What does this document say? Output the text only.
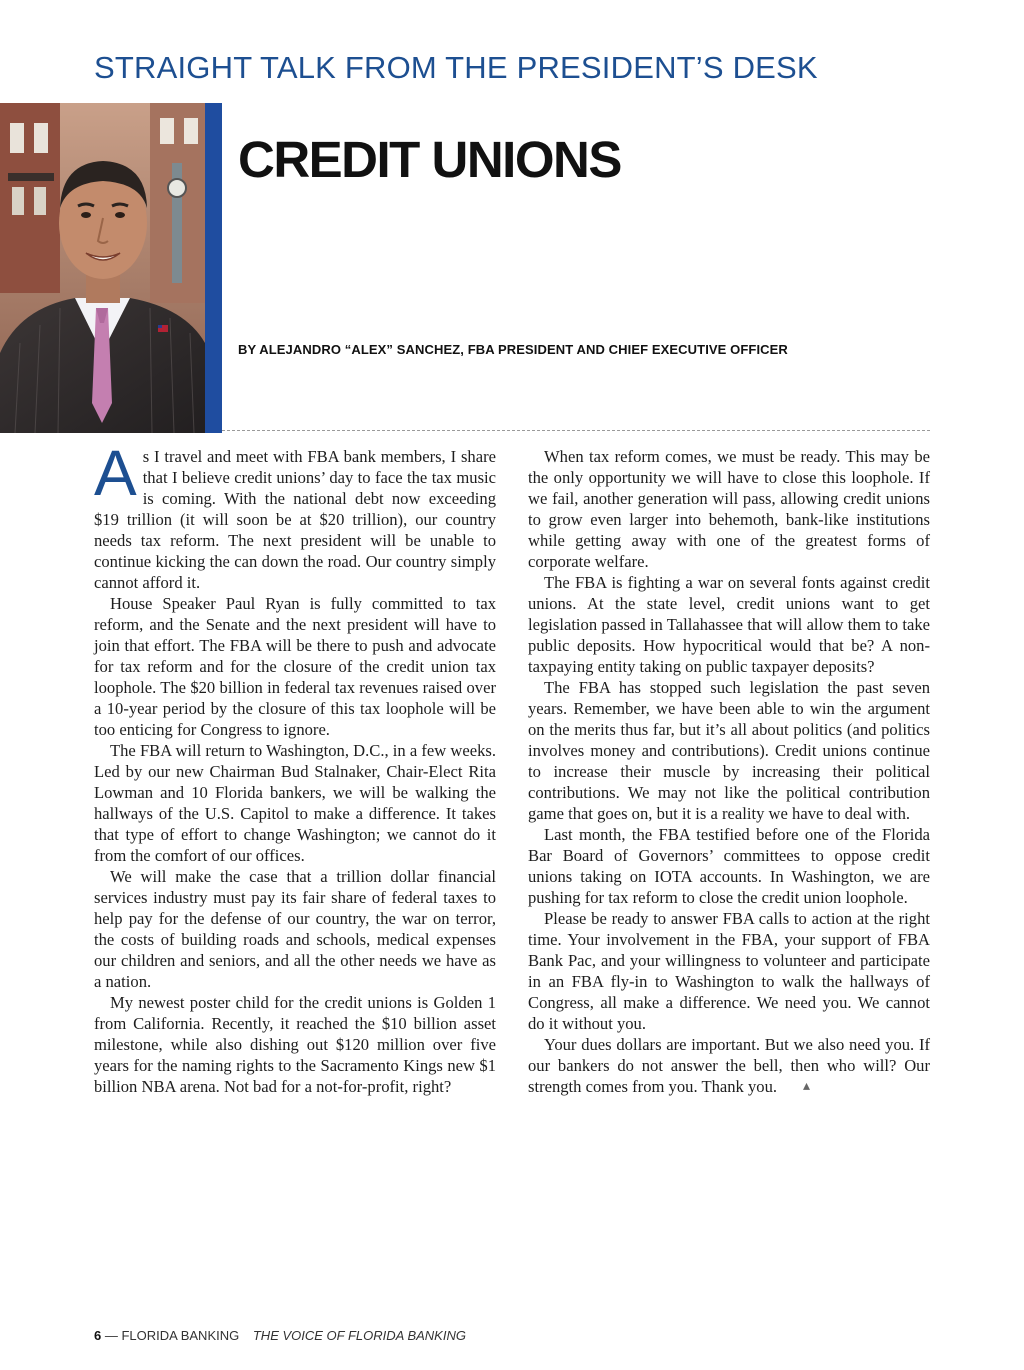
STRAIGHT TALK FROM THE PRESIDENT’S DESK
CREDIT UNIONS

BY ALEJANDRO “ALEX” SANCHEZ, FBA PRESIDENT AND CHIEF EXECUTIVE OFFICER

As I travel and meet with FBA bank members, I share that I believe credit unions’ day to face the tax music is coming. With the national debt now exceeding $19 trillion (it will soon be at $20 trillion), our country needs tax reform. The next president will be unable to continue kicking the can down the road. Our country simply cannot afford it.

House Speaker Paul Ryan is fully committed to tax reform, and the Senate and the next president will have to join that effort. The FBA will be there to push and advocate for tax reform and for the closure of the credit union tax loophole. The $20 billion in federal tax revenues raised over a 10-year period by the closure of this tax loophole will be too enticing for Congress to ignore.

The FBA will return to Washington, D.C., in a few weeks. Led by our new Chairman Bud Stalnaker, Chair-Elect Rita Lowman and 10 Florida bankers, we will be walking the hallways of the U.S. Capitol to make a difference. It takes that type of effort to change Washington; we cannot do it from the comfort of our offices.

We will make the case that a trillion dollar financial services industry must pay its fair share of federal taxes to help pay for the defense of our country, the war on terror, the costs of building roads and schools, medical expenses our children and seniors, and all the other needs we have as a nation.

My newest poster child for the credit unions is Golden 1 from California. Recently, it reached the $10 billion asset milestone, while also dishing out $120 million over five years for the naming rights to the Sacramento Kings new $1 billion NBA arena. Not bad for a not-for-profit, right?

When tax reform comes, we must be ready. This may be the only opportunity we will have to close this loophole. If we fail, another generation will pass, allowing credit unions to grow even larger into behemoth, bank-like institutions while getting away with one of the greatest forms of corporate welfare.

The FBA is fighting a war on several fonts against credit unions. At the state level, credit unions want to get legislation passed in Tallahassee that will allow them to take public deposits. How hypocritical would that be? A non-taxpaying entity taking on public taxpayer deposits?

The FBA has stopped such legislation the past seven years. Remember, we have been able to win the argument on the merits thus far, but it’s all about politics (and politics involves money and contributions). Credit unions continue to increase their muscle by increasing their political contributions. We may not like the political contribution game that goes on, but it is a reality we have to deal with.

Last month, the FBA testified before one of the Florida Bar Board of Governors’ committees to oppose credit unions taking on IOTA accounts. In Washington, we are pushing for tax reform to close the credit union loophole.

Please be ready to answer FBA calls to action at the right time. Your involvement in the FBA, your support of FBA Bank Pac, and your willingness to volunteer and participate in an FBA fly-in to Washington to walk the hallways of Congress, all make a difference. We need you. We cannot do it without you.

Your dues dollars are important. But we also need you. If our bankers do not answer the bell, then who will? Our strength comes from you. Thank you. ▴

6 — FLORIDA BANKING THE VOICE OF FLORIDA BANKING
